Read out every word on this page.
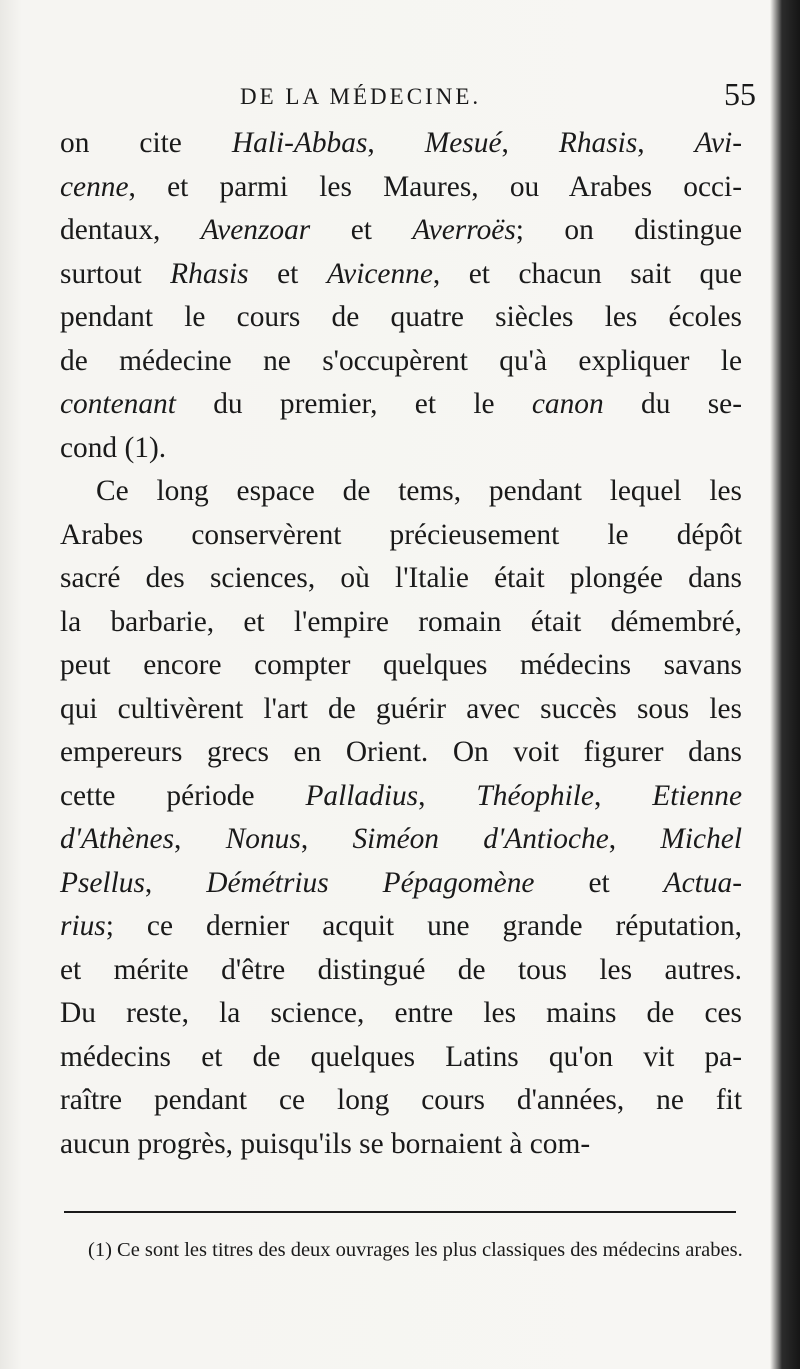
DE LA MÉDECINE.	55
on cite Hali-Abbas, Mesué, Rhasis, Avi-
cenne, et parmi les Maures, ou Arabes occi-
dentaux, Avenzoar et Averroës; on distingue
surtout Rhasis et Avicenne, et chacun sait que
pendant le cours de quatre siècles les écoles
de médecine ne s'occupèrent qu'à expliquer le
contenant du premier, et le canon du se-
cond (1).
Ce long espace de tems, pendant lequel les
Arabes conservèrent précieusement le dépôt
sacré des sciences, où l'Italie était plongée dans
la barbarie, et l'empire romain était démembré,
peut encore compter quelques médecins savans
qui cultivèrent l'art de guérir avec succès sous les
empereurs grecs en Orient. On voit figurer dans
cette période Palladius, Théophile, Etienne
d'Athènes, Nonus, Siméon d'Antioche, Michel
Psellus, Démétrius Pépagomène et Actua-
rius; ce dernier acquit une grande réputation,
et mérite d'être distingué de tous les autres.
Du reste, la science, entre les mains de ces
médecins et de quelques Latins qu'on vit pa-
raître pendant ce long cours d'années, ne fit
aucun progrès, puisqu'ils se bornaient à com-

(1) Ce sont les titres des deux ouvrages les plus classiques des médecins arabes.
